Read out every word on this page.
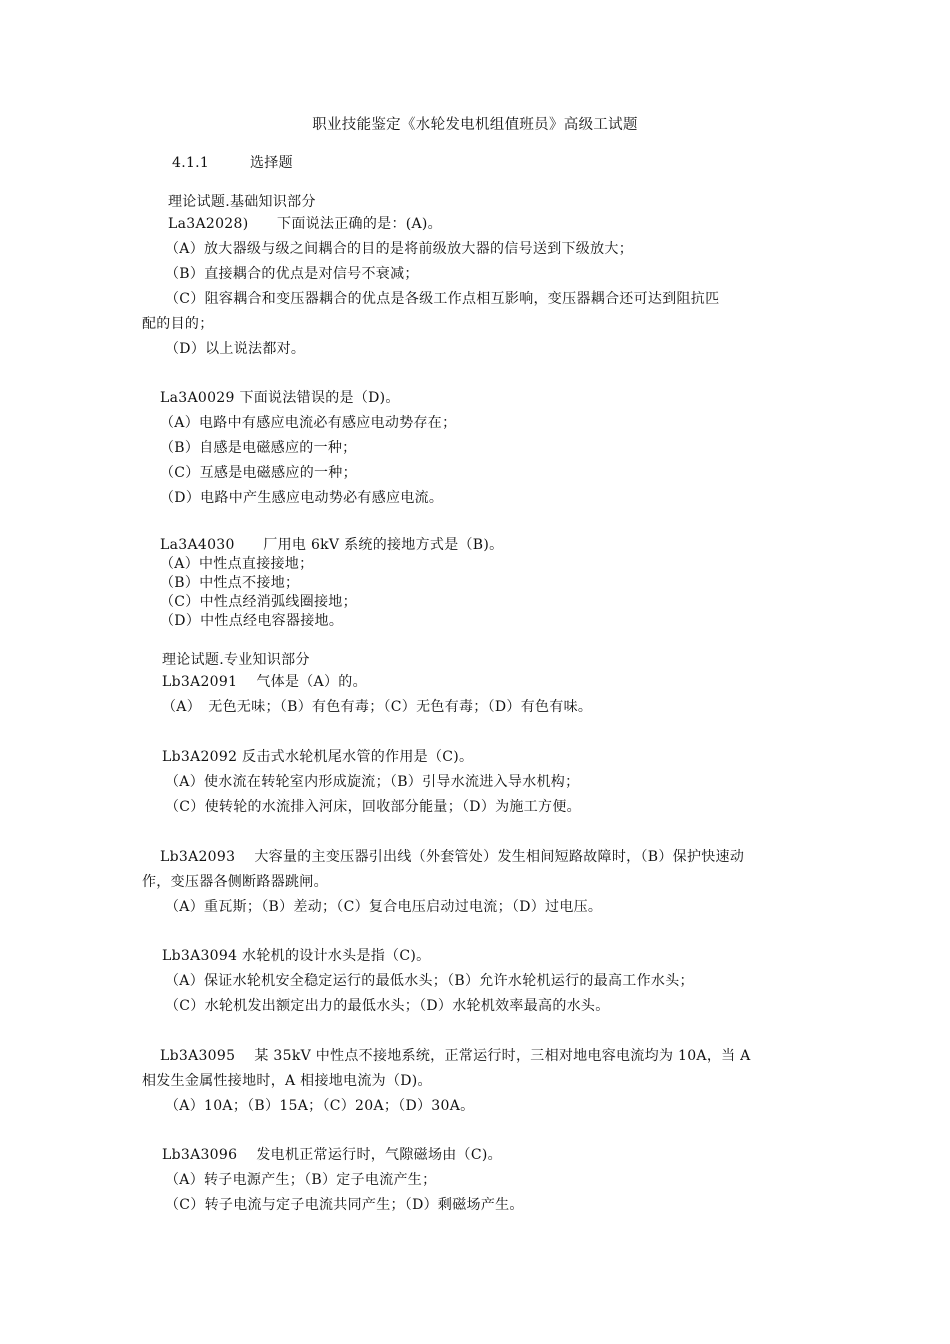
职业技能鉴定《水轮发电机组值班员》高级工试题
4.1.1	选择题
理论试题.基础知识部分
La3A2028)　　下面说法正确的是：(A)。
（A）放大器级与级之间耦合的目的是将前级放大器的信号送到下级放大；
（B）直接耦合的优点是对信号不衰减；
（C）阻容耦合和变压器耦合的优点是各级工作点相互影响，变压器耦合还可达到阻抗匹
配的目的；
（D）以上说法都对。
La3A0029 下面说法错误的是（D)。
（A）电路中有感应电流必有感应电动势存在；
（B）自感是电磁感应的一种；
（C）互感是电磁感应的一种；
（D）电路中产生感应电动势必有感应电流。
La3A4030　　厂用电 6kV 系统的接地方式是（B)。
（A）中性点直接接地；
（B）中性点不接地；
（C）中性点经消弧线圈接地；
（D）中性点经电容器接地。
理论试题.专业知识部分
Lb3A2091　 气体是（A）的。
（A）　无色无味；（B）有色有毒；（C）无色有毒；（D）有色有味。
Lb3A2092 反击式水轮机尾水管的作用是（C)。
（A）使水流在转轮室内形成旋流；（B）引导水流进入导水机构；
（C）使转轮的水流排入河床，回收部分能量；（D）为施工方便。
Lb3A2093　 大容量的主变压器引出线（外套管处）发生相间短路故障时，（B）保护快速动
作，变压器各侧断路器跳闸。
（A）重瓦斯；（B）差动；（C）复合电压启动过电流；（D）过电压。
Lb3A3094 水轮机的设计水头是指（C)。
（A）保证水轮机安全稳定运行的最低水头；（B）允许水轮机运行的最高工作水头；
（C）水轮机发出额定出力的最低水头；（D）水轮机效率最高的水头。
Lb3A3095　 某 35kV 中性点不接地系统，正常运行时，三相对地电容电流均为 10A，当 A
相发生金属性接地时，A 相接地电流为（D)。
（A）10A；（B）15A；（C）20A；（D）30A。
Lb3A3096　 发电机正常运行时，气隙磁场由（C)。
（A）转子电源产生；（B）定子电流产生；
（C）转子电流与定子电流共同产生；（D）剩磁场产生。
